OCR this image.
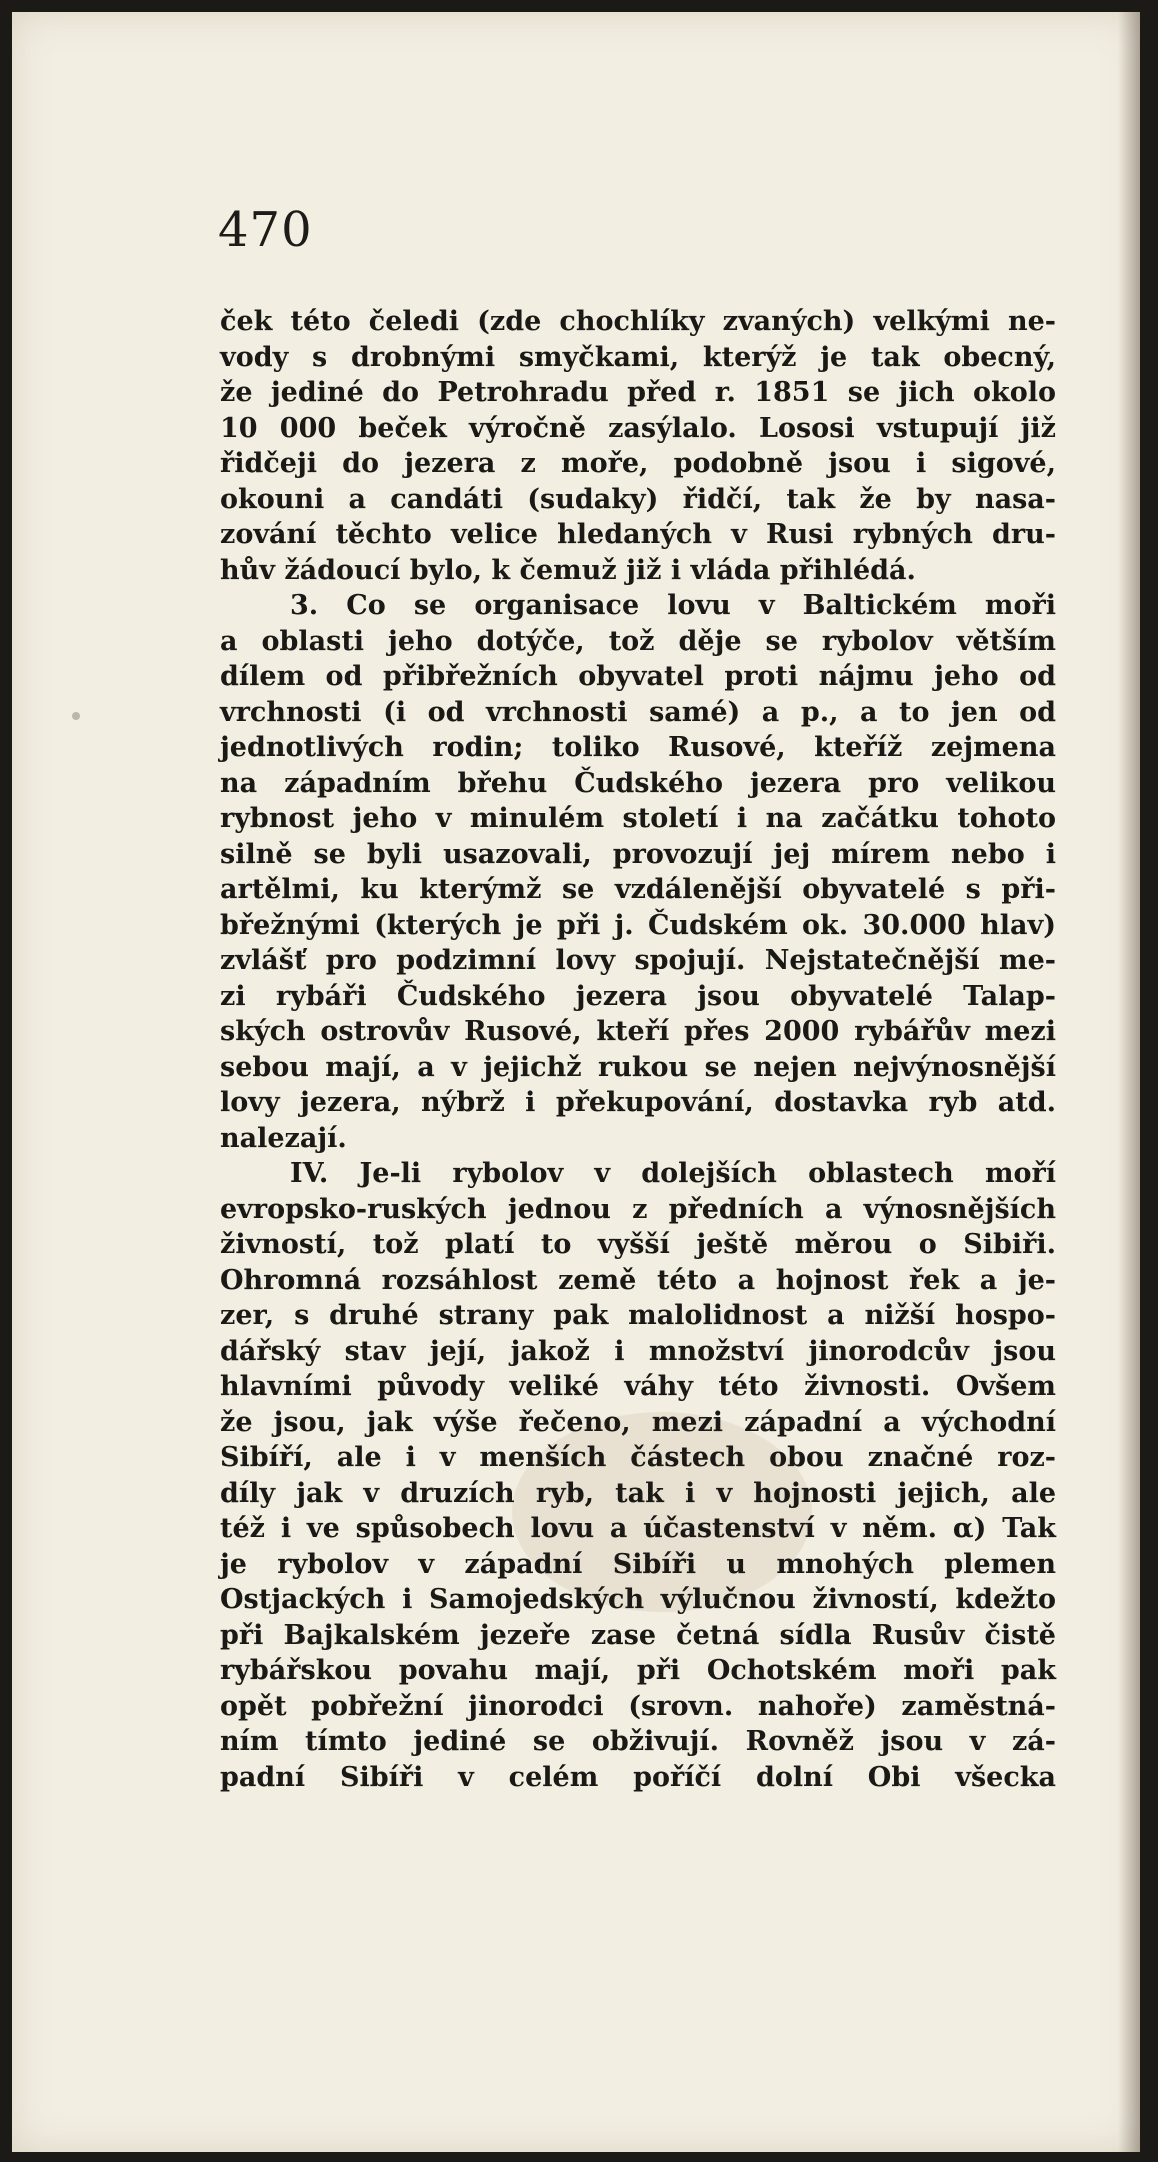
470
ček této čeledi (zde chochlíky zvaných) velkými ne-
vody s drobnými smyčkami, kterýž je tak obecný,
že jediné do Petrohradu před r. 1851 se jich okolo
10 000 beček výročně zasýlalo. Lososi vstupují již
řidčeji do jezera z moře, podobně jsou i sigové,
okouni a candáti (sudaky) řidčí, tak že by nasa-
zování těchto velice hledaných v Rusi rybných dru-
hův žádoucí bylo, k čemuž již i vláda přihlédá.
3. Co se organisace lovu v Baltickém moři
a oblasti jeho dotýče, tož děje se rybolov větším
dílem od přibřežních obyvatel proti nájmu jeho od
vrchnosti (i od vrchnosti samé) a p., a to jen od
jednotlivých rodin; toliko Rusové, kteříž zejmena
na západním břehu Čudského jezera pro velikou
rybnost jeho v minulém století i na začátku tohoto
silně se byli usazovali, provozují jej mírem nebo i
artělmi, ku kterýmž se vzdálenější obyvatelé s při-
břežnými (kterých je při j. Čudském ok. 30.000 hlav)
zvlášť pro podzimní lovy spojují. Nejstatečnější me-
zi rybáři Čudského jezera jsou obyvatelé Talap-
ských ostrovův Rusové, kteří přes 2000 rybářův mezi
sebou mají, a v jejichž rukou se nejen nejvýnosnější
lovy jezera, nýbrž i překupování, dostavka ryb atd.
nalezají.
IV. Je-li rybolov v dolejších oblastech moří
evropsko-ruských jednou z předních a výnosnějších
živností, tož platí to vyšší ještě měrou o Sibiři.
Ohromná rozsáhlost země této a hojnost řek a je-
zer, s druhé strany pak malolidnost a nižší hospo-
dářský stav její, jakož i množství jinorodcův jsou
hlavními původy veliké váhy této živnosti. Ovšem
že jsou, jak výše řečeno, mezi západní a východní
Sibíří, ale i v menších částech obou značné roz-
díly jak v druzích ryb, tak i v hojnosti jejich, ale
též i ve spůsobech lovu a účastenství v něm. α) Tak
je rybolov v západní Sibíři u mnohých plemen
Ostjackých i Samojedských výlučnou živností, kdežto
při Bajkalském jezeře zase četná sídla Rusův čistě
rybářskou povahu mají, při Ochotském moři pak
opět pobřežní jinorodci (srovn. nahoře) zaměstná-
ním tímto jediné se obživují. Rovněž jsou v zá-
padní Sibíři v celém poříčí dolní Obi všecka
